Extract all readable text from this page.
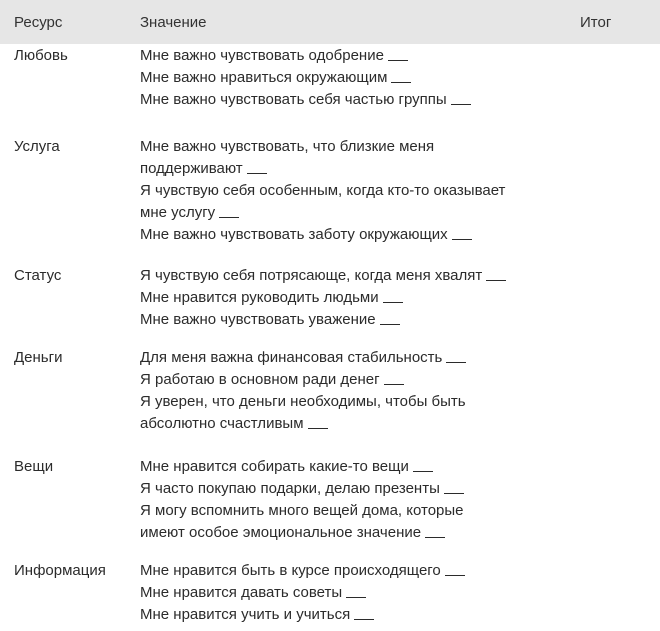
Ресурс	Значение	Итог
Любовь	Мне важно чувствовать одобрение
Мне важно нравиться окружающим
Мне важно чувствовать себя частью группы
Услуга	Мне важно чувствовать, что близкие меня
поддерживают
Я чувствую себя особенным, когда кто-то оказывает
мне услугу
Мне важно чувствовать заботу окружающих
Статус	Я чувствую себя потрясающе, когда меня хвалят
Мне нравится руководить людьми
Мне важно чувствовать уважение
Деньги	Для меня важна финансовая стабильность
Я работаю в основном ради денег
Я уверен, что деньги необходимы, чтобы быть
абсолютно счастливым
Вещи	Мне нравится собирать какие-то вещи
Я часто покупаю подарки, делаю презенты
Я могу вспомнить много вещей дома, которые
имеют особое эмоциональное значение
Информация Мне нравится быть в курсе происходящего
Мне нравится давать советы
Мне нравится учить и учиться
